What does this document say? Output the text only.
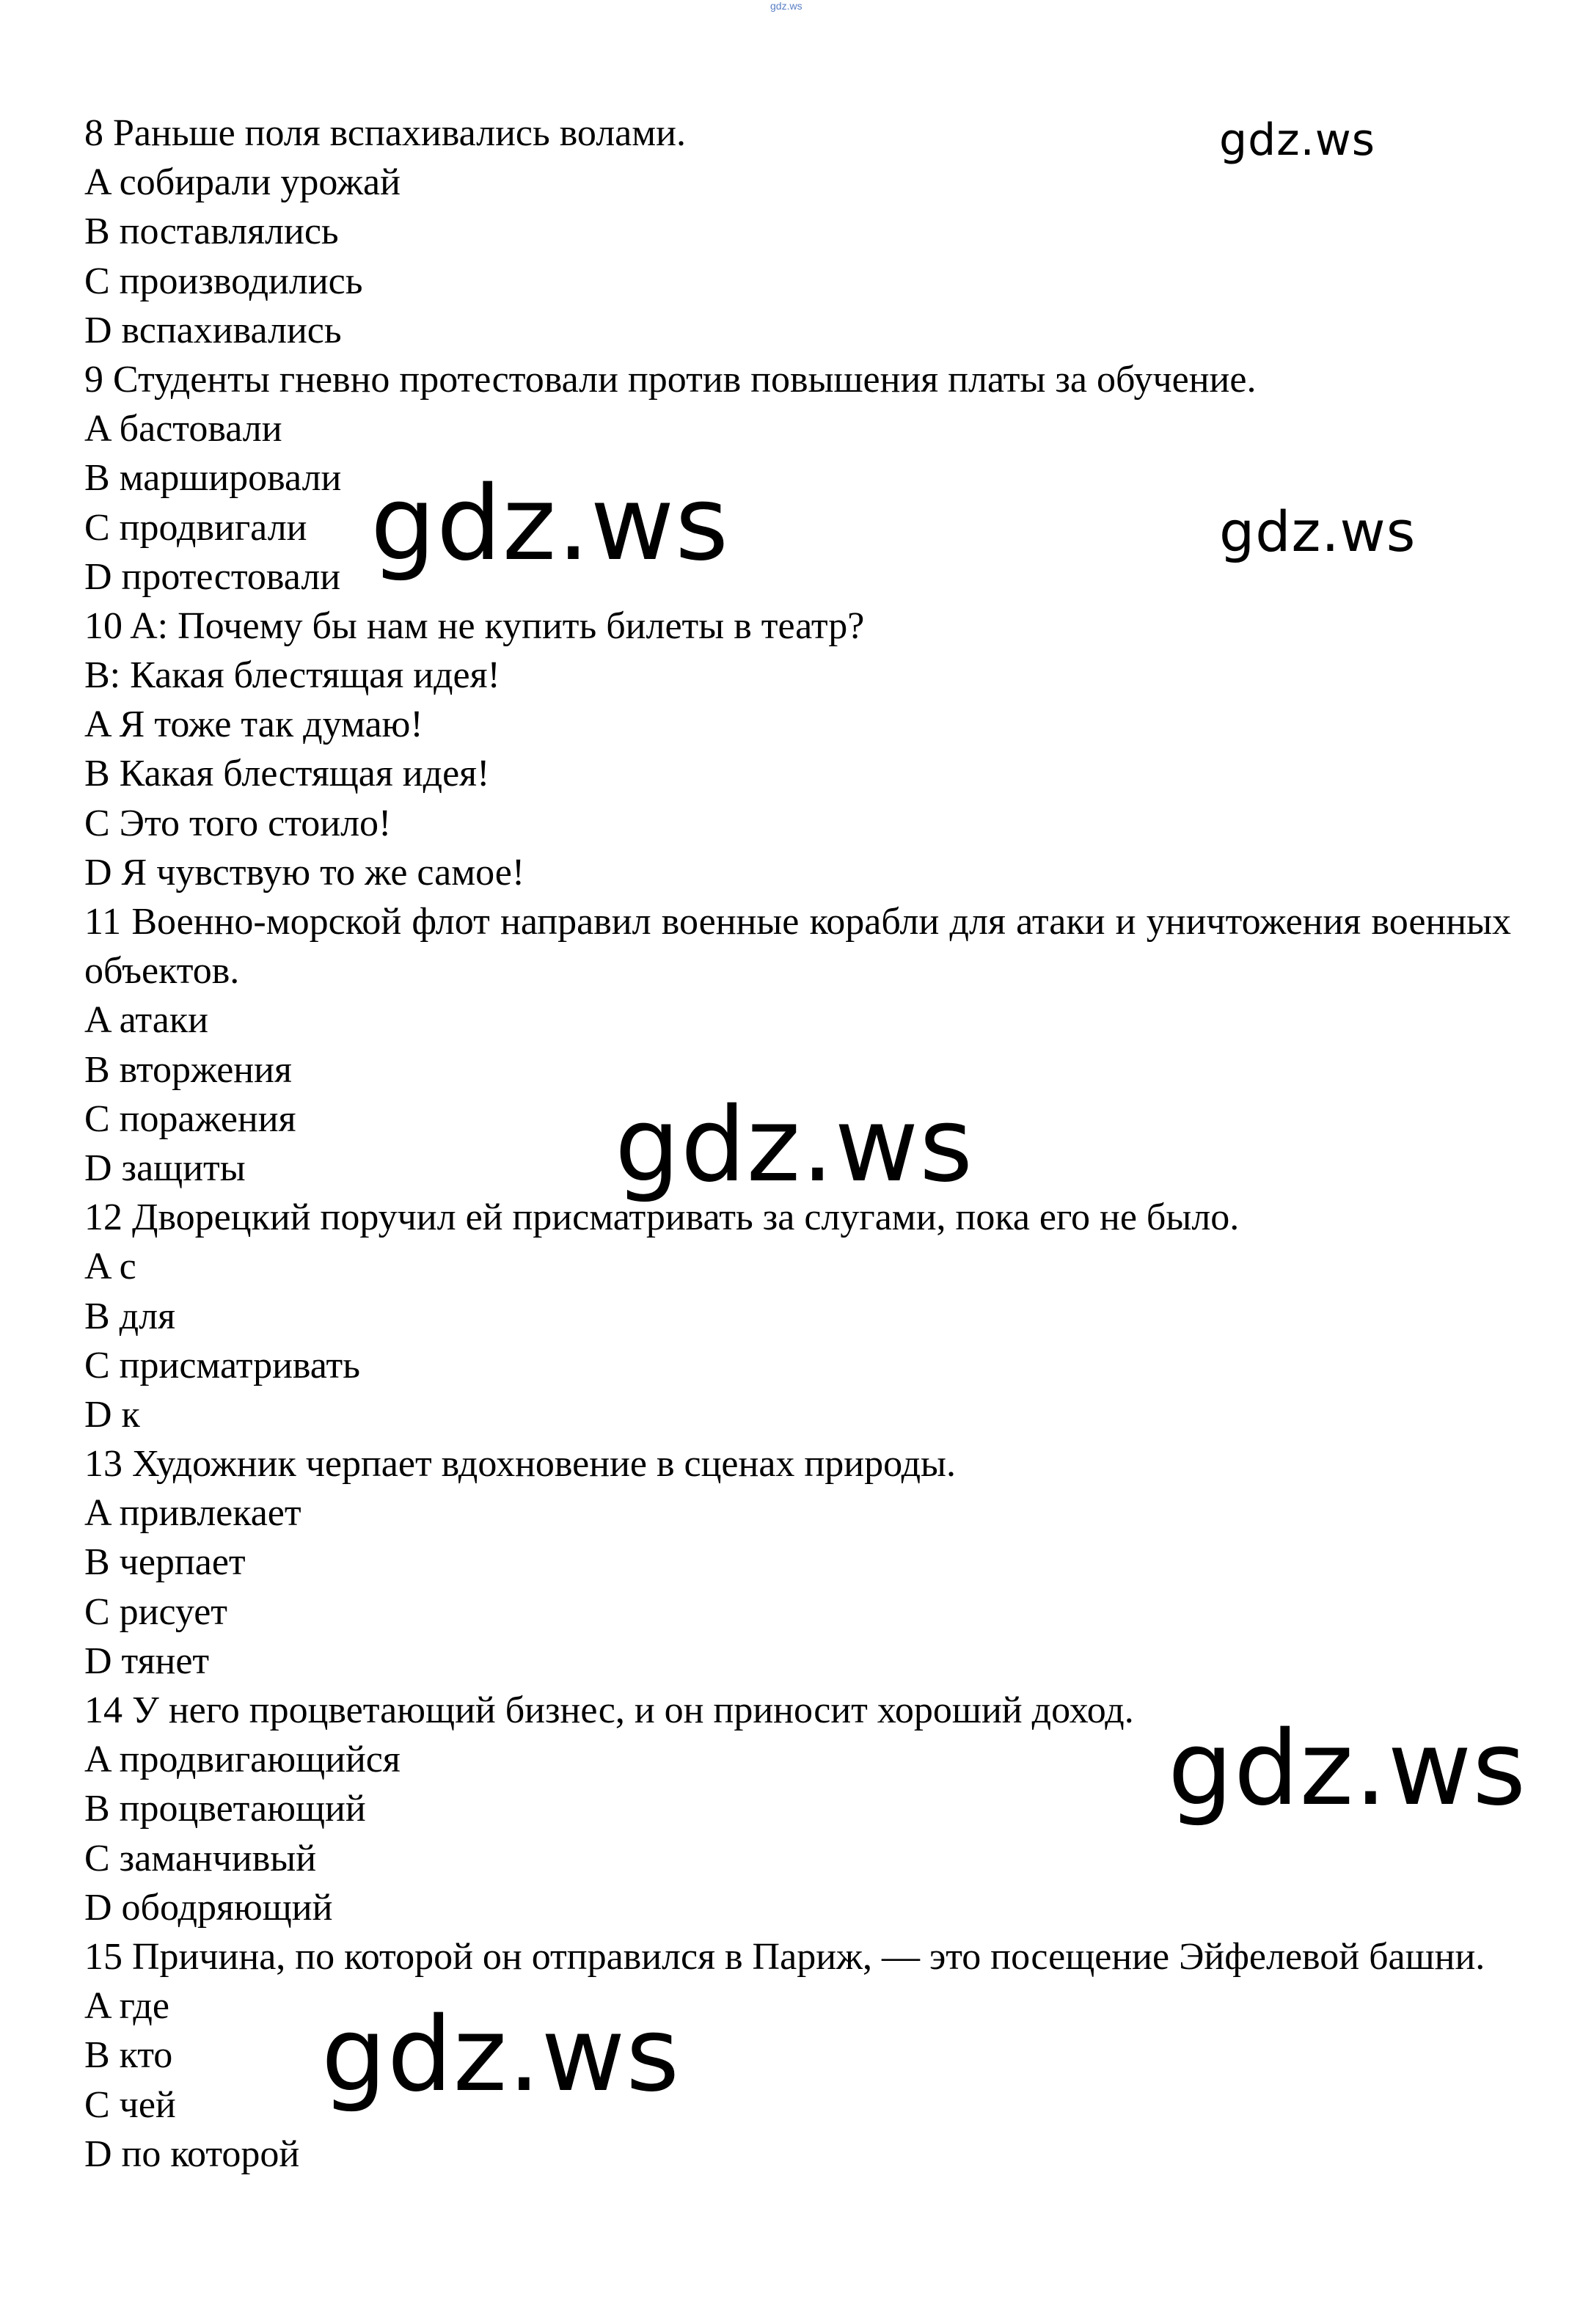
gdz.ws
8 Раньше поля вспахивались волами.
A собирали урожай
B поставлялись
C производились
D вспахивались
9 Студенты гневно протестовали против повышения платы за обучение.
A бастовали
B маршировали
C продвигали
D протестовали
10 A: Почему бы нам не купить билеты в театр?
B: Какая блестящая идея!
A Я тоже так думаю!
B Какая блестящая идея!
C Это того стоило!
D Я чувствую то же самое!
11 Военно-морской флот направил военные корабли для атаки и уничтожения военных объектов.
A атаки
B вторжения
C поражения
D защиты
12 Дворецкий поручил ей присматривать за слугами, пока его не было.
A с
B для
C присматривать
D к
13 Художник черпает вдохновение в сценах природы.
A привлекает
B черпает
C рисует
D тянет
14 У него процветающий бизнес, и он приносит хороший доход.
A продвигающийся
B процветающий
C заманчивый
D ободряющий
15 Причина, по которой он отправился в Париж, — это посещение Эйфелевой башни.
A где
B кто
C чей
D по которой
gdz.ws
gdz.ws	gdz.ws
gdz.ws
gdz.ws
gdz.ws
